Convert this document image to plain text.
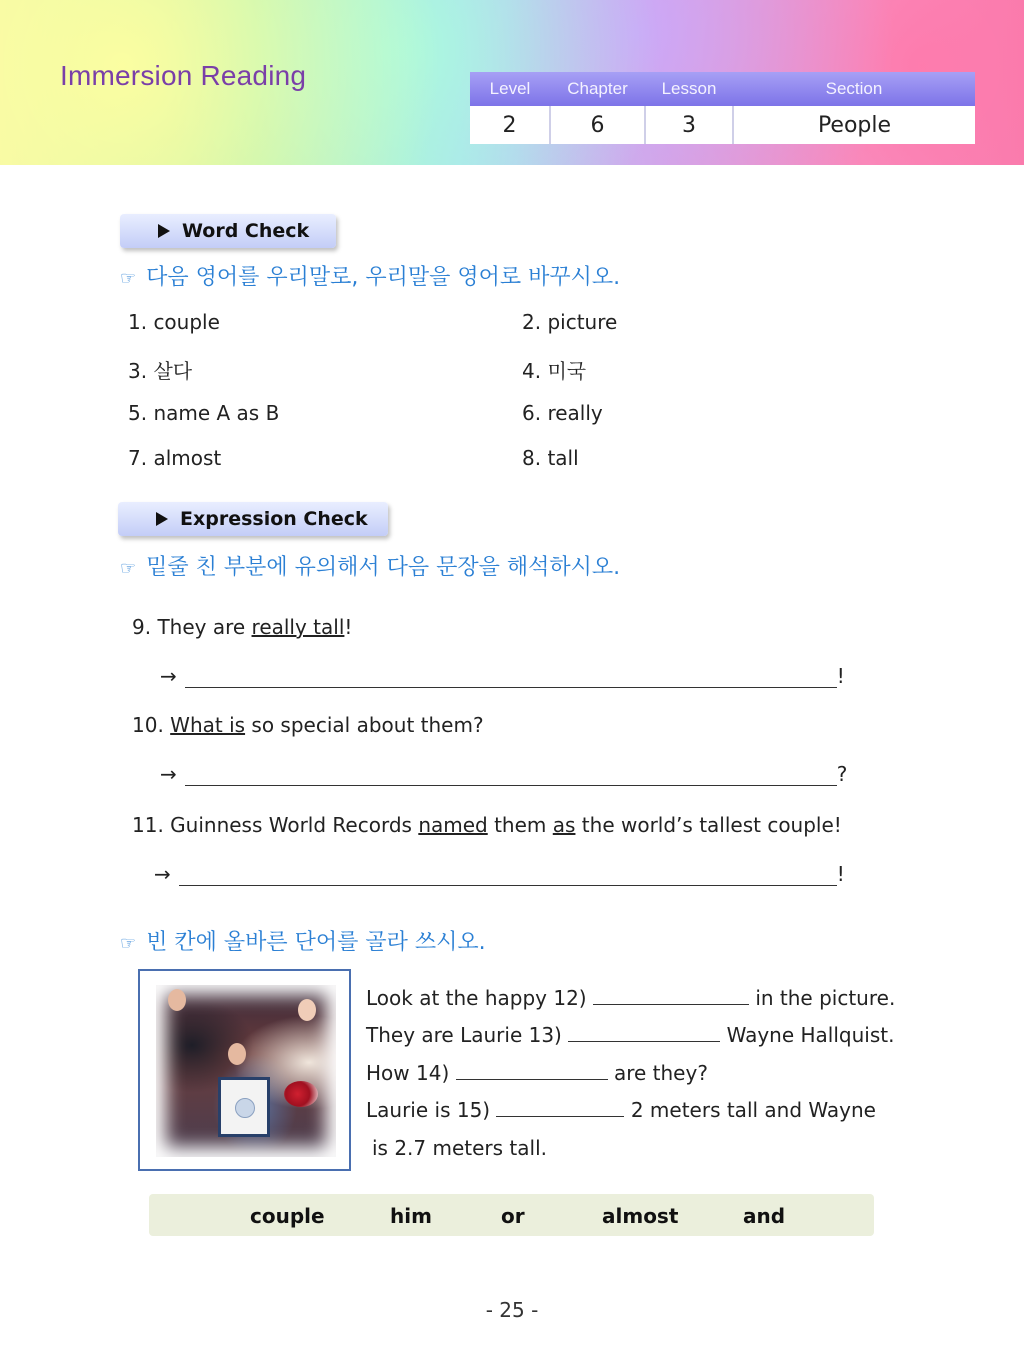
Immersion Reading	Level	Chapter	Lesson	Section
2	6	3	People
Word Check
☞ 다음 영어를 우리말로, 우리말을 영어로 바꾸시오.
1. couple	2. picture
3. 살다	4. 미국
5. name A as B	6. really
7. almost	8. tall
Expression Check
☞ 밑줄 친 부분에 유의해서 다음 문장을 해석하시오.
9. They are really tall!
→	!
10. What is so special about them?
→	?
11. Guinness World Records named them as the world’s tallest couple!
→	!
☞ 빈 칸에 올바른 단어를 골라 쓰시오.
Look at the happy 12)	in the picture.
They are Laurie 13)	Wayne Hallquist.
How 14)	are they?
Laurie is 15)	2 meters tall and Wayne
is 2.7 meters tall.
couple	him	or	almost	and
- 25 -
